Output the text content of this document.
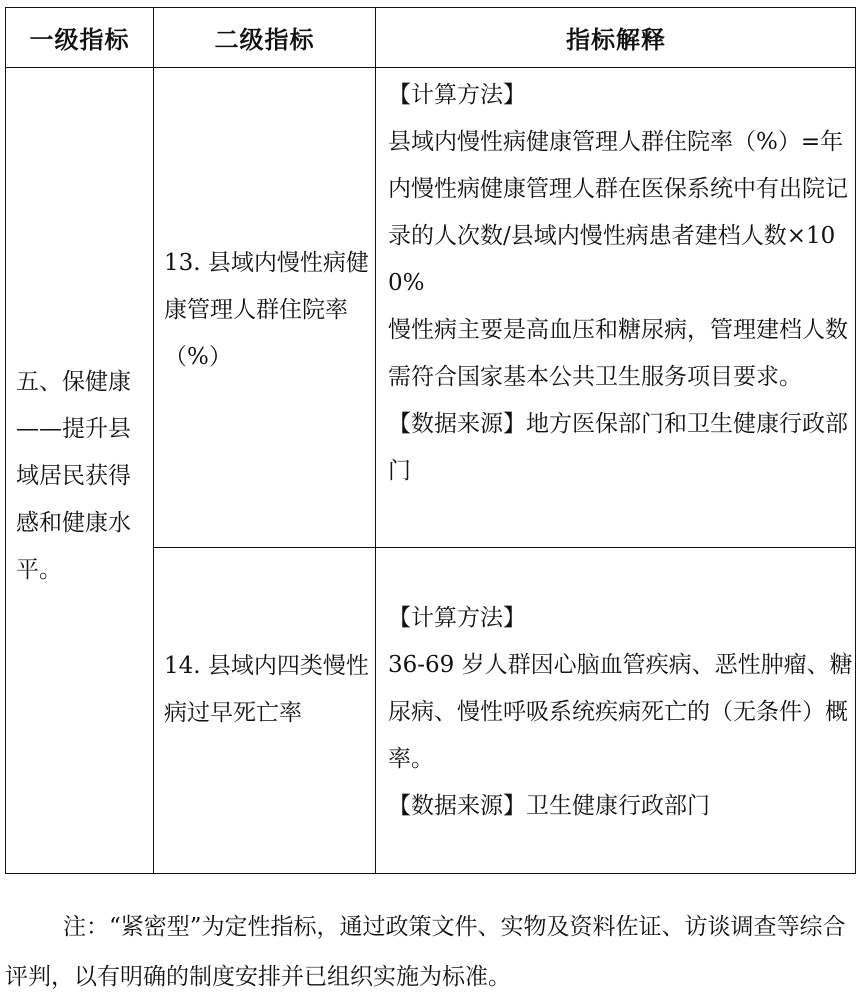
一级指标	二级指标	指标解释
五、保健康——提升县域居民获得感和健康水平。
13. 县域内慢性病健康管理人群住院率（%）
【计算方法】
县域内慢性病健康管理人群住院率（%）=年内慢性病健康管理人群在医保系统中有出院记录的人次数/县域内慢性病患者建档人数×100%
慢性病主要是高血压和糖尿病，管理建档人数需符合国家基本公共卫生服务项目要求。
【数据来源】地方医保部门和卫生健康行政部门
14. 县域内四类慢性病过早死亡率
【计算方法】
36-69 岁人群因心脑血管疾病、恶性肿瘤、糖尿病、慢性呼吸系统疾病死亡的（无条件）概率。
【数据来源】卫生健康行政部门
注：“紧密型”为定性指标，通过政策文件、实物及资料佐证、访谈调查等综合评判，以有明确的制度安排并已组织实施为标准。
